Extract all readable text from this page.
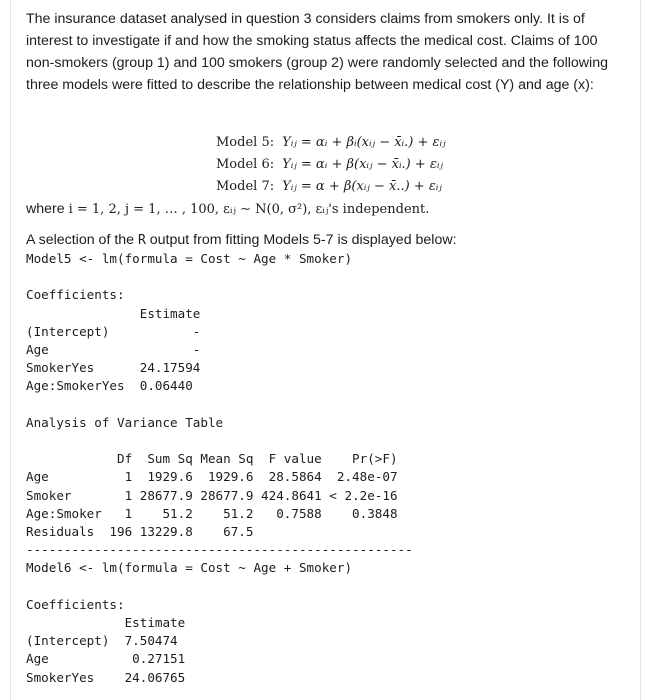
The insurance dataset analysed in question 3 considers claims from smokers only. It is of interest to investigate if and how the smoking status affects the medical cost. Claims of 100 non-smokers (group 1) and 100 smokers (group 2) were randomly selected and the following three models were fitted to describe the relationship between medical cost (Y) and age (x):

Model 5: Yᵢⱼ = αᵢ + βᵢ(xᵢⱼ − x̄ᵢ.) + εᵢⱼ
Model 6: Yᵢⱼ = αᵢ + β(xᵢⱼ − x̄ᵢ.) + εᵢⱼ
Model 7: Yᵢⱼ = α + β(xᵢⱼ − x̄..) + εᵢⱼ
where i = 1, 2, j = 1, … , 100, εᵢⱼ ∼ N(0, σ²), εᵢⱼ's independent.
A selection of the R output from fitting Models 5-7 is displayed below:
Model5 <- lm(formula = Cost ~ Age * Smoker)

Coefficients:
Estimate
(Intercept)           -
Age                   -
SmokerYes      24.17594
Age:SmokerYes  0.06440

Analysis of Variance Table

Df  Sum Sq Mean Sq  F value    Pr(>F)
Age          1  1929.6  1929.6  28.5864  2.48e-07
Smoker       1 28677.9 28677.9 424.8641 < 2.2e-16
Age:Smoker   1    51.2    51.2   0.7588    0.3848
Residuals  196 13229.8    67.5
---------------------------------------------------
Model6 <- lm(formula = Cost ~ Age + Smoker)

Coefficients:
Estimate
(Intercept)  7.50474
Age           0.27151
SmokerYes    24.06765
